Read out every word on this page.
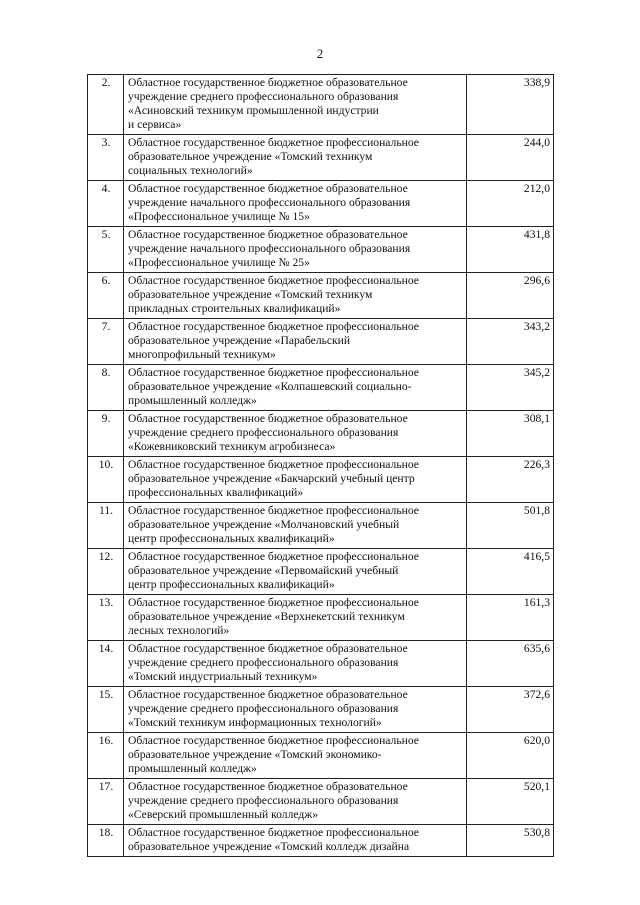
2
2.	Областное государственное бюджетное образовательное
учреждение среднего профессионального образования
«Асиновский техникум промышленной индустрии
и сервиса»	338,9
3.	Областное государственное бюджетное профессиональное
образовательное учреждение «Томский техникум
социальных технологий»	244,0
4.	Областное государственное бюджетное образовательное
учреждение начального профессионального образования
«Профессиональное училище № 15»	212,0
5.	Областное государственное бюджетное образовательное
учреждение начального профессионального образования
«Профессиональное училище № 25»	431,8
6.	Областное государственное бюджетное профессиональное
образовательное учреждение «Томский техникум
прикладных строительных квалификаций»	296,6
7.	Областное государственное бюджетное профессиональное
образовательное учреждение «Парабельский
многопрофильный техникум»	343,2
8.	Областное государственное бюджетное профессиональное
образовательное учреждение «Колпашевский социально-
промышленный колледж»	345,2
9.	Областное государственное бюджетное образовательное
учреждение среднего профессионального образования
«Кожевниковский техникум агробизнеса»	308,1
10.	Областное государственное бюджетное профессиональное
образовательное учреждение «Бакчарский учебный центр
профессиональных квалификаций»	226,3
11.	Областное государственное бюджетное профессиональное
образовательное учреждение «Молчановский учебный
центр профессиональных квалификаций»	501,8
12.	Областное государственное бюджетное профессиональное
образовательное учреждение «Первомайский учебный
центр профессиональных квалификаций»	416,5
13.	Областное государственное бюджетное профессиональное
образовательное учреждение «Верхнекетский техникум
лесных технологий»	161,3
14.	Областное государственное бюджетное образовательное
учреждение среднего профессионального образования
«Томский индустриальный техникум»	635,6
15.	Областное государственное бюджетное образовательное
учреждение среднего профессионального образования
«Томский техникум информационных технологий»	372,6
16.	Областное государственное бюджетное профессиональное
образовательное учреждение «Томский экономико-
промышленный колледж»	620,0
17.	Областное государственное бюджетное образовательное
учреждение среднего профессионального образования
«Северский промышленный колледж»	520,1
18.	Областное государственное бюджетное профессиональное
образовательное учреждение «Томский колледж дизайна	530,8
